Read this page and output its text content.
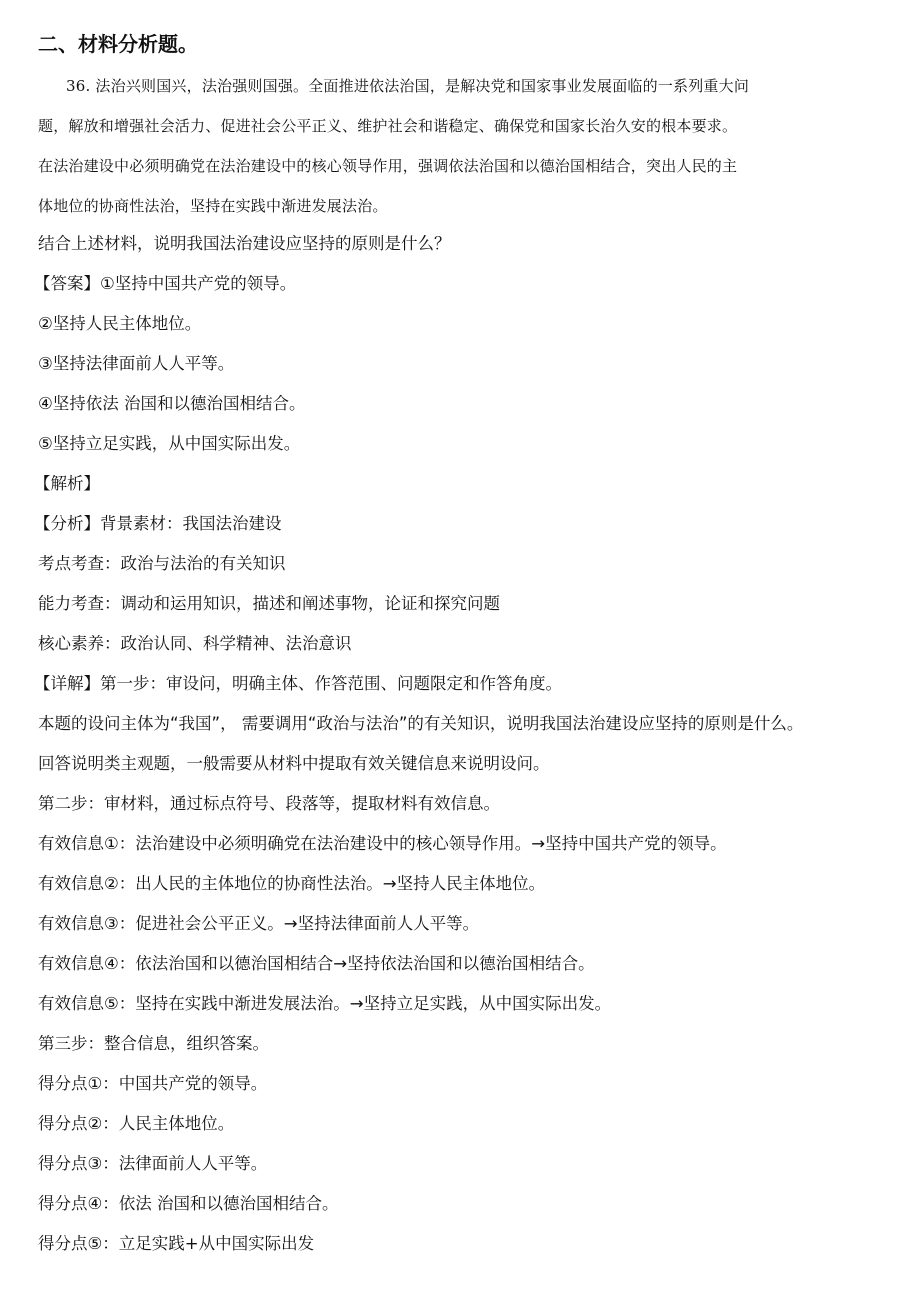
二、材料分析题。
36. 法治兴则国兴，法治强则国强。全面推进依法治国，是解决党和国家事业发展面临的一系列重大问
题，解放和增强社会活力、促进社会公平正义、维护社会和谐稳定、确保党和国家长治久安的根本要求。
在法治建设中必须明确党在法治建设中的核心领导作用，强调依法治国和以德治国相结合，突出人民的主
体地位的协商性法治，坚持在实践中渐进发展法治。
结合上述材料，说明我国法治建设应坚持的原则是什么？
【答案】①坚持中国共产党的领导。
②坚持人民主体地位。
③坚持法律面前人人平等。
④坚持依法 治国和以德治国相结合。
⑤坚持立足实践，从中国实际出发。
【解析】
【分析】背景素材：我国法治建设
考点考查：政治与法治的有关知识
能力考查：调动和运用知识，描述和阐述事物，论证和探究问题
核心素养：政治认同、科学精神、法治意识
【详解】第一步：审设问，明确主体、作答范围、问题限定和作答角度。
本题的设问主体为“我国”， 需要调用“政治与法治”的有关知识，说明我国法治建设应坚持的原则是什么。
回答说明类主观题，一般需要从材料中提取有效关键信息来说明设问。
第二步：审材料，通过标点符号、段落等，提取材料有效信息。
有效信息①：法治建设中必须明确党在法治建设中的核心领导作用。→坚持中国共产党的领导。
有效信息②：出人民的主体地位的协商性法治。→坚持人民主体地位。
有效信息③：促进社会公平正义。→坚持法律面前人人平等。
有效信息④：依法治国和以德治国相结合→坚持依法治国和以德治国相结合。
有效信息⑤：坚持在实践中渐进发展法治。→坚持立足实践，从中国实际出发。
第三步：整合信息，组织答案。
得分点①：中国共产党的领导。
得分点②：人民主体地位。
得分点③：法律面前人人平等。
得分点④：依法 治国和以德治国相结合。
得分点⑤：立足实践+从中国实际出发
